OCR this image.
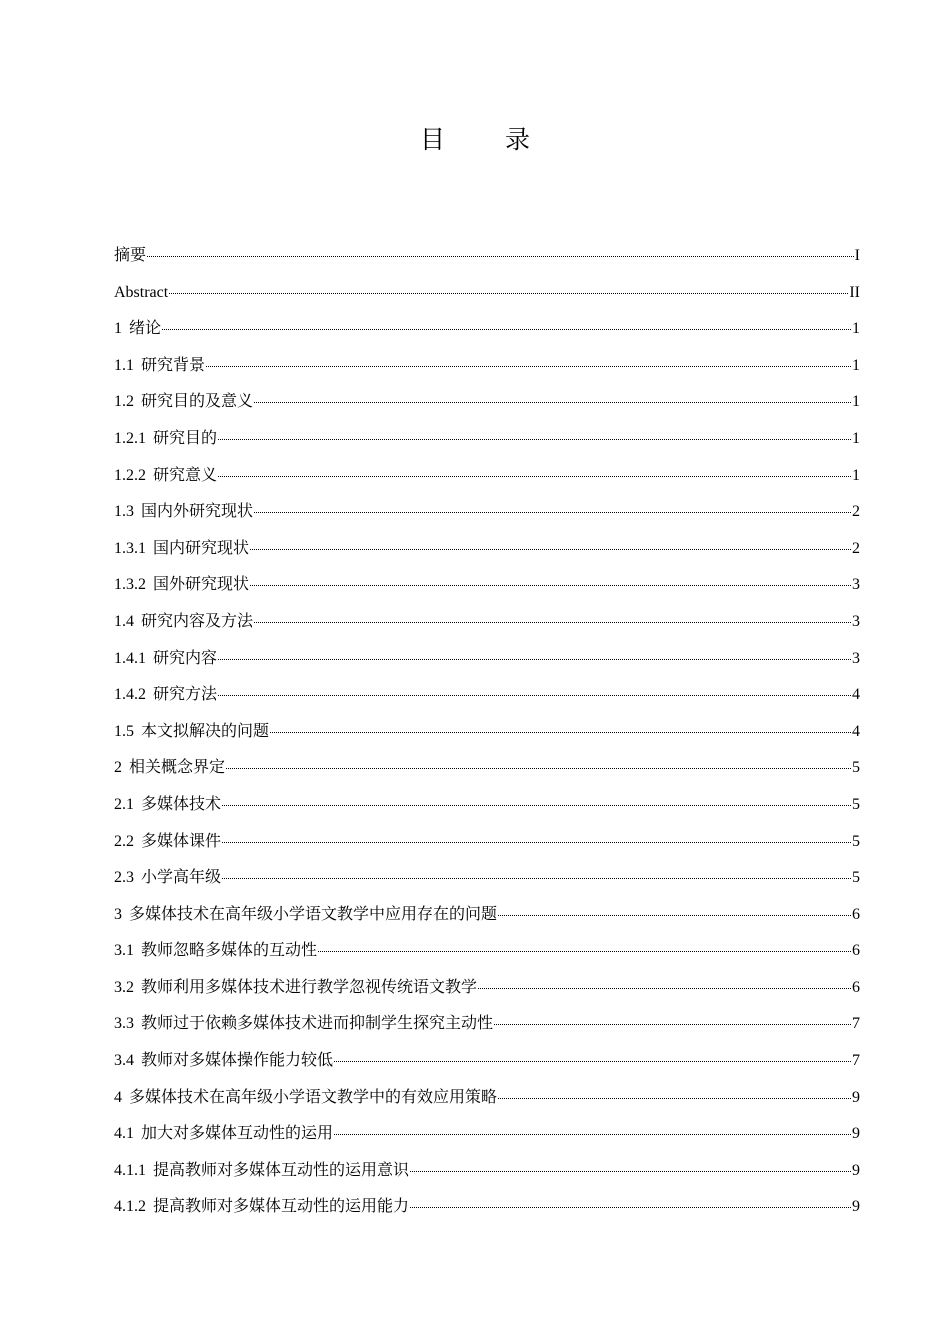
目 录
摘要	I
Abstract	II
1 绪论	1
1.1 研究背景	1
1.2 研究目的及意义	1
1.2.1 研究目的	1
1.2.2 研究意义	1
1.3 国内外研究现状	2
1.3.1 国内研究现状	2
1.3.2 国外研究现状	3
1.4 研究内容及方法	3
1.4.1 研究内容	3
1.4.2 研究方法	4
1.5 本文拟解决的问题	4
2 相关概念界定	5
2.1 多媒体技术	5
2.2 多媒体课件	5
2.3 小学高年级	5
3 多媒体技术在高年级小学语文教学中应用存在的问题	6
3.1 教师忽略多媒体的互动性	6
3.2 教师利用多媒体技术进行教学忽视传统语文教学	6
3.3 教师过于依赖多媒体技术进而抑制学生探究主动性	7
3.4 教师对多媒体操作能力较低	7
4 多媒体技术在高年级小学语文教学中的有效应用策略	9
4.1 加大对多媒体互动性的运用	9
4.1.1 提高教师对多媒体互动性的运用意识	9
4.1.2 提高教师对多媒体互动性的运用能力	9
